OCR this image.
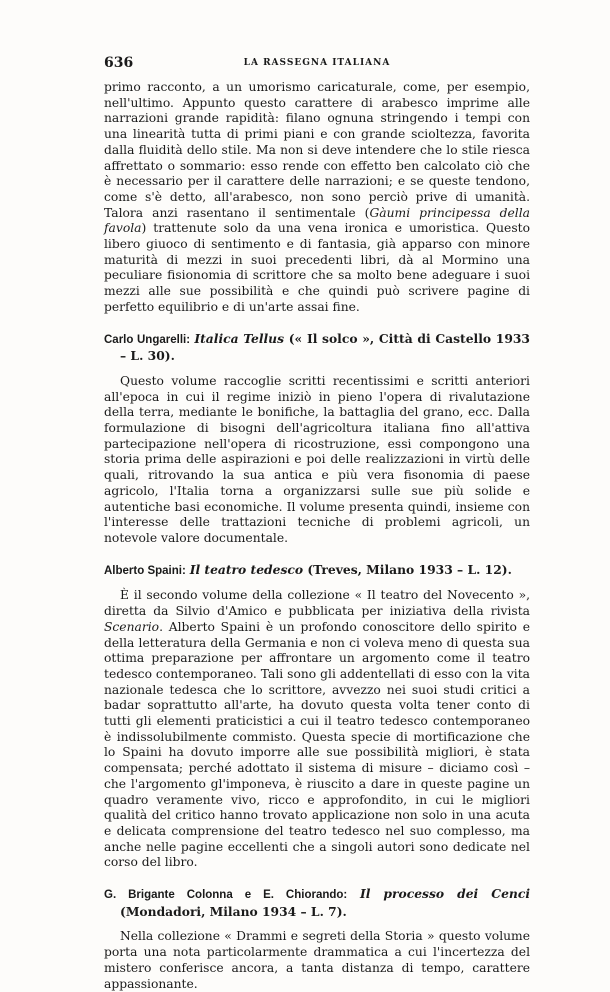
636	LA RASSEGNA ITALIANA

primo racconto, a un umorismo caricaturale, come, per esempio, nell'ultimo. Appunto questo carattere di arabesco imprime alle narrazioni grande rapidità: filano ognuna stringendo i tempi con una linearità tutta di primi piani e con grande scioltezza, favorita dalla fluidità dello stile. Ma non si deve intendere che lo stile riesca affrettato o sommario: esso rende con effetto ben calcolato ciò che è necessario per il carattere delle narrazioni; e se queste tendono, come s'è detto, all'arabesco, non sono perciò prive di umanità. Talora anzi rasentano il sentimentale (Gàumi principessa della favola) trattenute solo da una vena ironica e umoristica. Questo libero giuoco di sentimento e di fantasia, già apparso con minore maturità di mezzi in suoi precedenti libri, dà al Mormino una peculiare fisionomia di scrittore che sa molto bene adeguare i suoi mezzi alle sue possibilità e che quindi può scrivere pagine di perfetto equilibrio e di un'arte assai fine.

Carlo Ungarelli: Italica Tellus (« Il solco », Città di Castello 1933 – L. 30).

Questo volume raccoglie scritti recentissimi e scritti anteriori all'epoca in cui il regime iniziò in pieno l'opera di rivalutazione della terra, mediante le bonifiche, la battaglia del grano, ecc. Dalla formulazione di bisogni dell'agricoltura italiana fino all'attiva partecipazione nell'opera di ricostruzione, essi compongono una storia prima delle aspirazioni e poi delle realizzazioni in virtù delle quali, ritrovando la sua antica e più vera fisonomia di paese agricolo, l'Italia torna a organizzarsi sulle sue più solide e autentiche basi economiche. Il volume presenta quindi, insieme con l'interesse delle trattazioni tecniche di problemi agricoli, un notevole valore documentale.

Alberto Spaini: Il teatro tedesco (Treves, Milano 1933 – L. 12).

È il secondo volume della collezione « Il teatro del Novecento », diretta da Silvio d'Amico e pubblicata per iniziativa della rivista Scenario. Alberto Spaini è un profondo conoscitore dello spirito e della letteratura della Germania e non ci voleva meno di questa sua ottima preparazione per affrontare un argomento come il teatro tedesco contemporaneo. Tali sono gli addentellati di esso con la vita nazionale tedesca che lo scrittore, avvezzo nei suoi studi critici a badar soprattutto all'arte, ha dovuto questa volta tener conto di tutti gli elementi praticistici a cui il teatro tedesco contemporaneo è indissolubilmente commisto. Questa specie di mortificazione che lo Spaini ha dovuto imporre alle sue possibilità migliori, è stata compensata; perché adottato il sistema di misure – diciamo così – che l'argomento gl'imponeva, è riuscito a dare in queste pagine un quadro veramente vivo, ricco e approfondito, in cui le migliori qualità del critico hanno trovato applicazione non solo in una acuta e delicata comprensione del teatro tedesco nel suo complesso, ma anche nelle pagine eccellenti che a singoli autori sono dedicate nel corso del libro.

G. Brigante Colonna e E. Chiorando: Il processo dei Cenci (Mondadori, Milano 1934 – L. 7).

Nella collezione « Drammi e segreti della Storia » questo volume porta una nota particolarmente drammatica a cui l'incertezza del mistero conferisce ancora, a tanta distanza di tempo, carattere appassionante.
